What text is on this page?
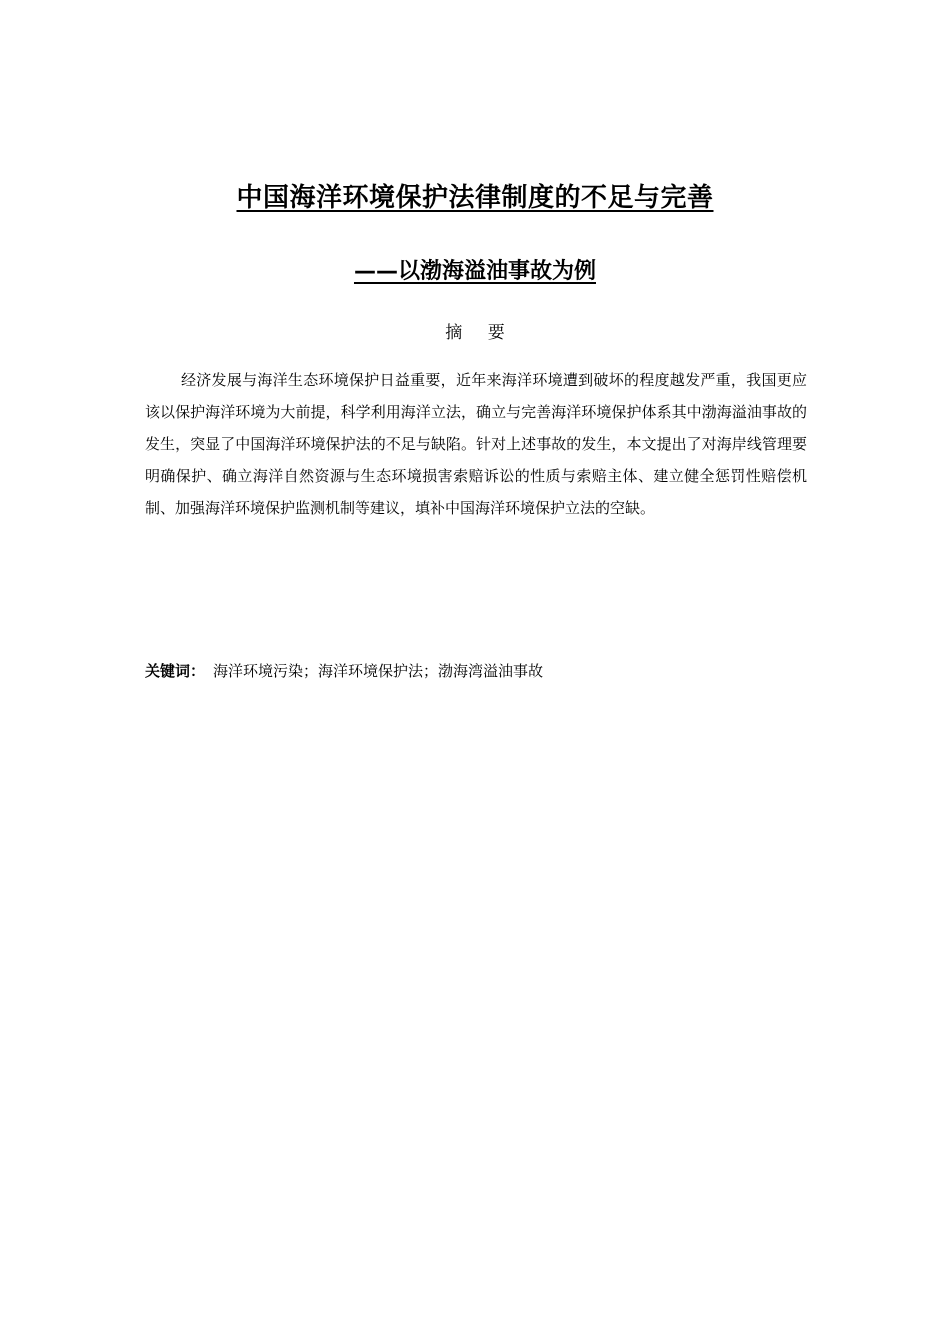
中国海洋环境保护法律制度的不足与完善
——以渤海溢油事故为例
摘 要
经济发展与海洋生态环境保护日益重要，近年来海洋环境遭到破坏的程度越发严重，我国更应该以保护海洋环境为大前提，科学利用海洋立法，确立与完善海洋环境保护体系其中渤海溢油事故的发生，突显了中国海洋环境保护法的不足与缺陷。针对上述事故的发生，本文提出了对海岸线管理要明确保护、确立海洋自然资源与生态环境损害索赔诉讼的性质与索赔主体、建立健全惩罚性赔偿机制、加强海洋环境保护监测机制等建议，填补中国海洋环境保护立法的空缺。
关键词： 海洋环境污染；海洋环境保护法；渤海湾溢油事故
